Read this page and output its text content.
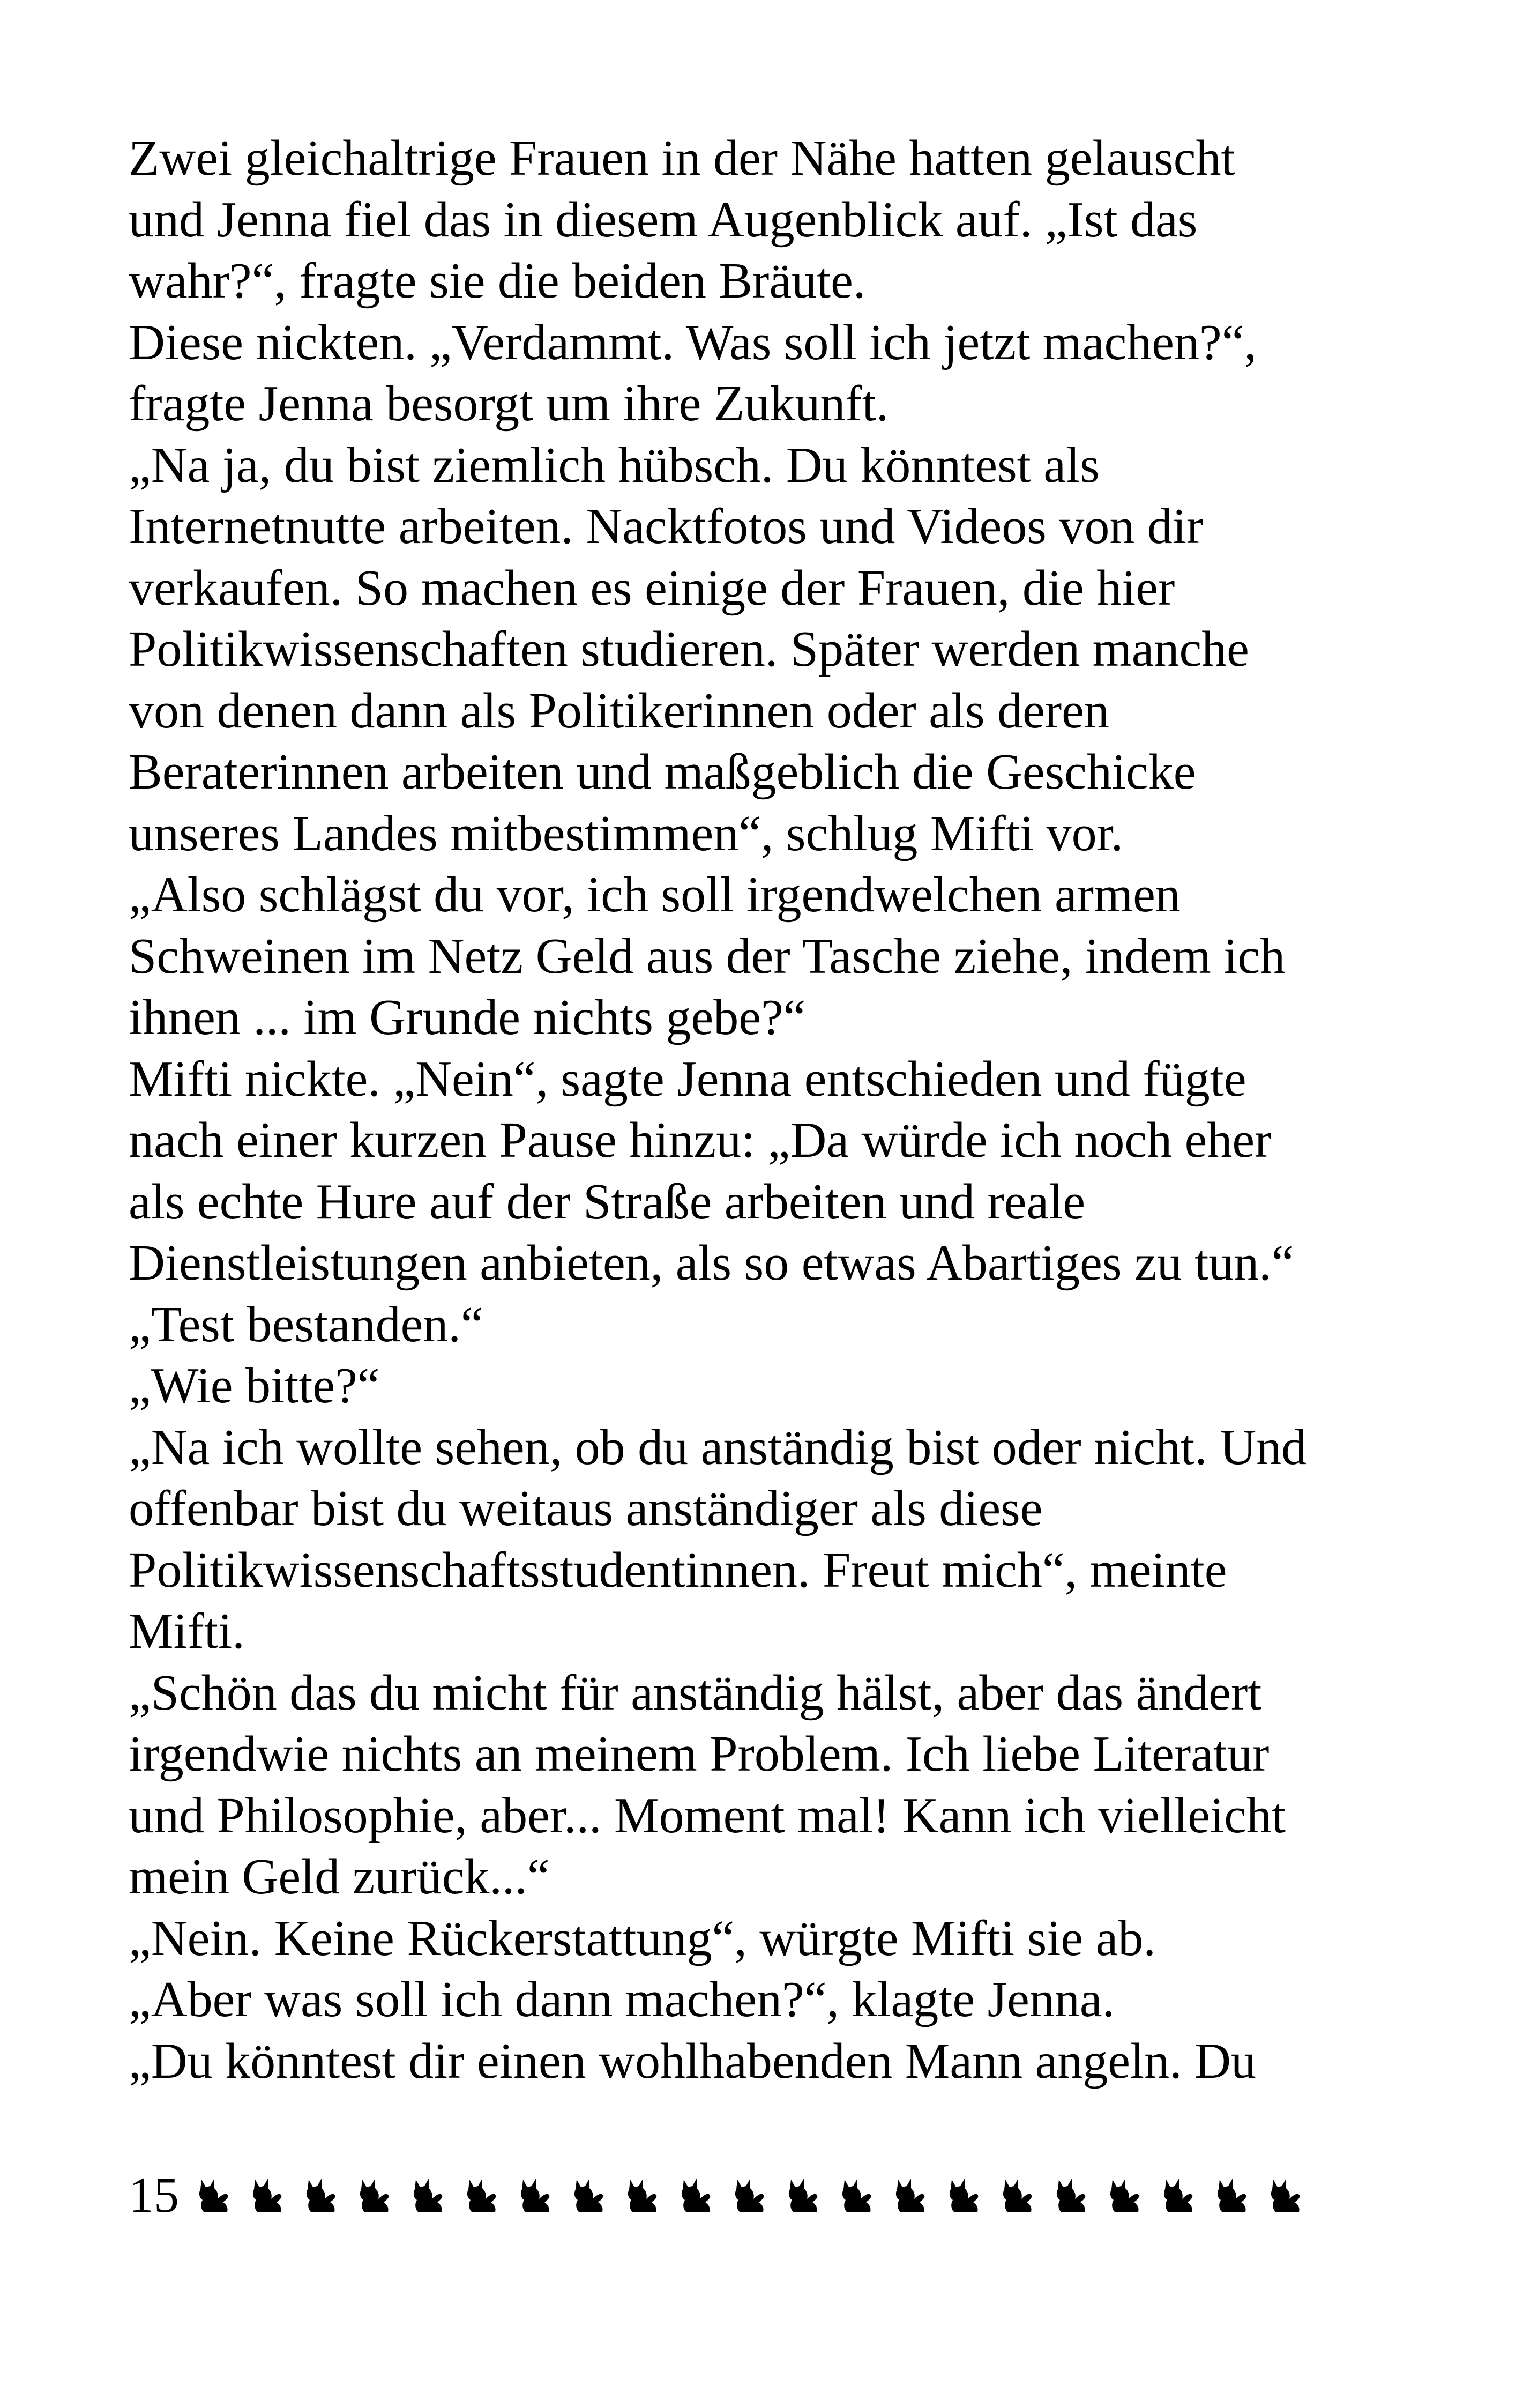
Zwei gleichaltrige Frauen in der Nähe hatten gelauscht
und Jenna fiel das in diesem Augenblick auf. „Ist das
wahr?“, fragte sie die beiden Bräute.
Diese nickten. „Verdammt. Was soll ich jetzt machen?“,
fragte Jenna besorgt um ihre Zukunft.
„Na ja, du bist ziemlich hübsch. Du könntest als
Internetnutte arbeiten. Nacktfotos und Videos von dir
verkaufen. So machen es einige der Frauen, die hier
Politikwissenschaften studieren. Später werden manche
von denen dann als Politikerinnen oder als deren
Beraterinnen arbeiten und maßgeblich die Geschicke
unseres Landes mitbestimmen“, schlug Mifti vor.
„Also schlägst du vor, ich soll irgendwelchen armen
Schweinen im Netz Geld aus der Tasche ziehe, indem ich
ihnen ... im Grunde nichts gebe?“
Mifti nickte. „Nein“, sagte Jenna entschieden und fügte
nach einer kurzen Pause hinzu: „Da würde ich noch eher
als echte Hure auf der Straße arbeiten und reale
Dienstleistungen anbieten, als so etwas Abartiges zu tun.“
„Test bestanden.“
„Wie bitte?“
„Na ich wollte sehen, ob du anständig bist oder nicht. Und
offenbar bist du weitaus anständiger als diese
Politikwissenschaftsstudentinnen. Freut mich“, meinte
Mifti.
„Schön das du micht für anständig hälst, aber das ändert
irgendwie nichts an meinem Problem. Ich liebe Literatur
und Philosophie, aber... Moment mal! Kann ich vielleicht
mein Geld zurück...“
„Nein. Keine Rückerstattung“, würgte Mifti sie ab.
„Aber was soll ich dann machen?“, klagte Jenna.
„Du könntest dir einen wohlhabenden Mann angeln. Du
15
